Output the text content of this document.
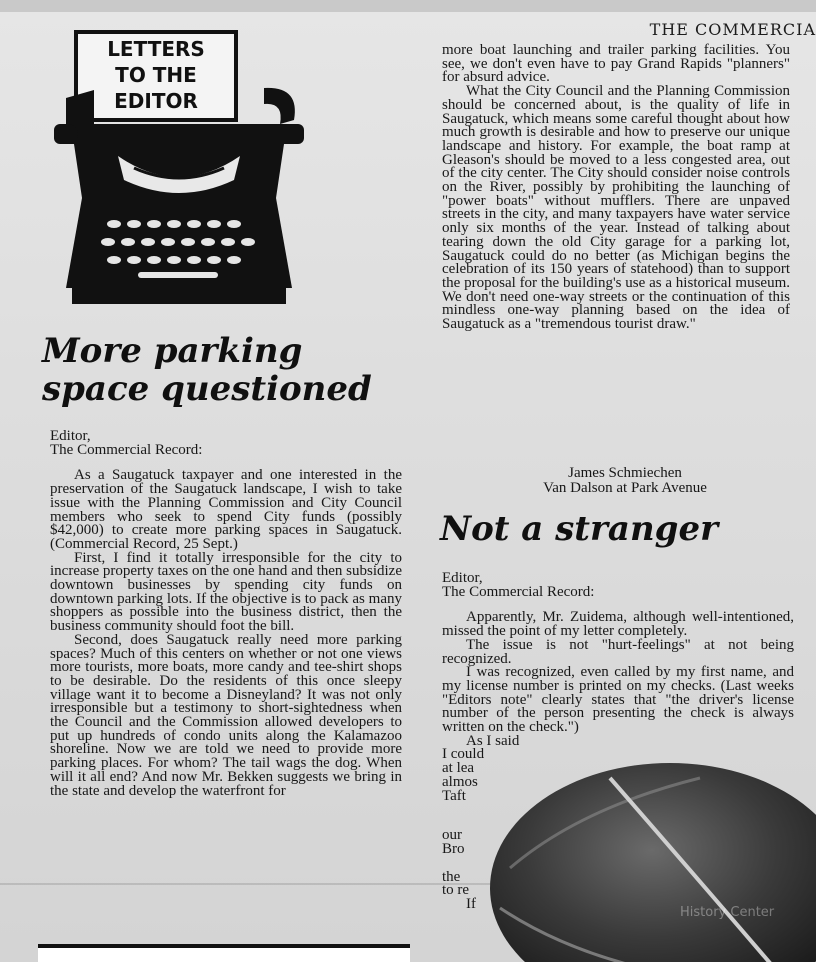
THE COMMERCIA
LETTERS
TO THE
EDITOR
More parking
space questioned

Editor,
The Commercial Record:

As a Saugatuck taxpayer and one interested in the preservation of the Saugatuck landscape, I wish to take issue with the Planning Commission and City Council members who seek to spend City funds (possibly $42,000) to create more parking spaces in Saugatuck. (Commercial Record, 25 Sept.)

First, I find it totally irresponsible for the city to increase property taxes on the one hand and then subsidize downtown businesses by spending city funds on downtown parking lots. If the objective is to pack as many shoppers as possible into the business district, then the business community should foot the bill.

Second, does Saugatuck really need more parking spaces? Much of this centers on whether or not one views more tourists, more boats, more candy and tee-shirt shops to be desirable. Do the residents of this once sleepy village want it to become a Disneyland? It was not only irresponsible but a testimony to short-sightedness when the Council and the Commission allowed developers to put up hundreds of condo units along the Kalamazoo shoreline. Now we are told we need to provide more parking places. For whom? The tail wags the dog. When will it all end? And now Mr. Bekken suggests we bring in the state and develop the waterfront for

more boat launching and trailer parking facilities. You see, we don't even have to pay Grand Rapids "planners" for absurd advice.

What the City Council and the Planning Commission should be concerned about, is the quality of life in Saugatuck, which means some careful thought about how much growth is desirable and how to preserve our unique landscape and history. For example, the boat ramp at Gleason's should be moved to a less congested area, out of the city center. The City should consider noise controls on the River, possibly by prohibiting the launching of "power boats" without mufflers. There are unpaved streets in the city, and many taxpayers have water service only six months of the year. Instead of talking about tearing down the old City garage for a parking lot, Saugatuck could do no better (as Michigan begins the celebration of its 150 years of statehood) than to support the proposal for the building's use as a historical museum. We don't need one-way streets or the continuation of this mindless one-way planning based on the idea of Saugatuck as a "tremendous tourist draw."

James Schmiechen
Van Dalson at Park Avenue
Not a stranger

Editor,
The Commercial Record:

Apparently, Mr. Zuidema, although well-intentioned, missed the point of my letter completely.

The issue is not "hurt-feelings" at not being recognized.

I was recognized, even called by my first name, and my license number is printed on my checks. (Last weeks "Editors note" clearly states that "the driver's license number of the person presenting the check is always written on the check.")

As I said

I could

at lea

almos

Taft

our

Bro

the

to re

If

History Center
